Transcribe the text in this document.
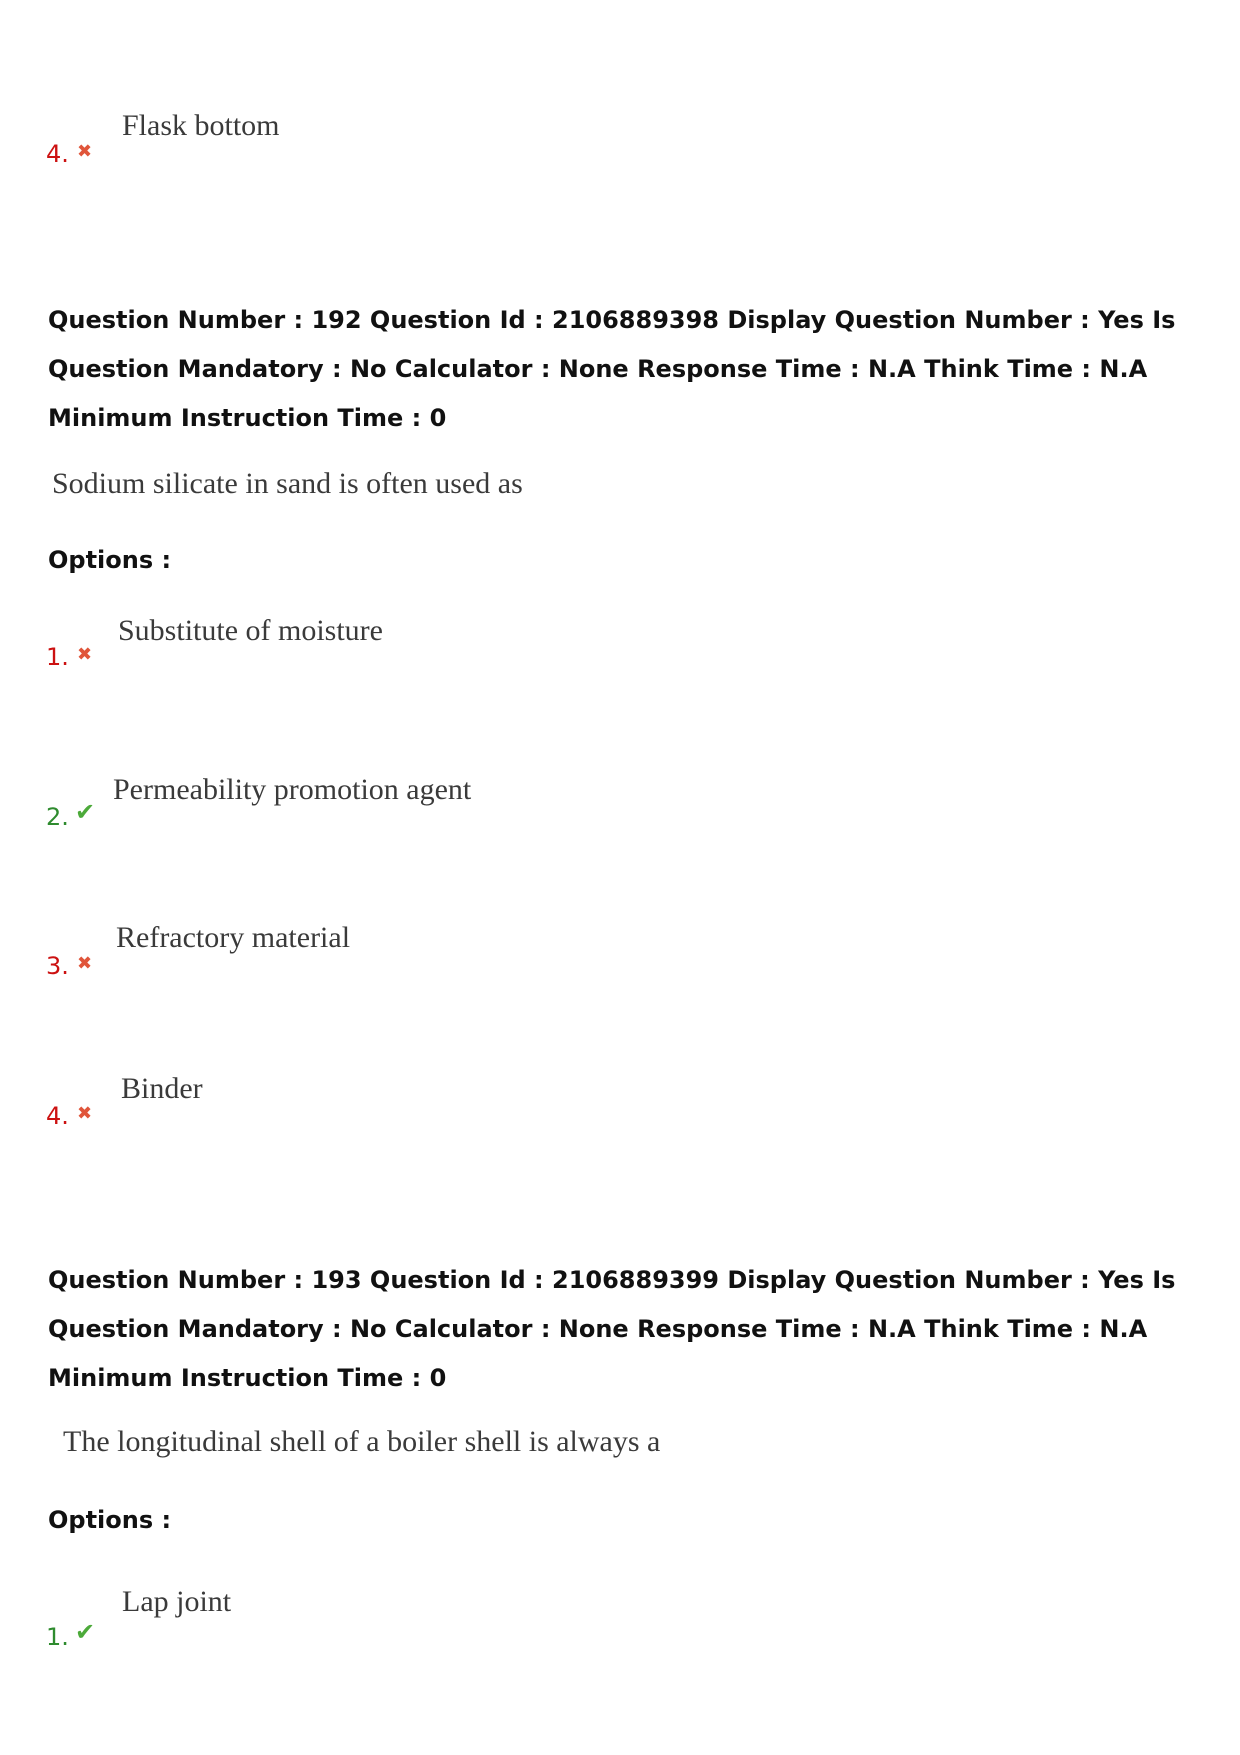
4. ✖
Flask bottom

Question Number : 192 Question Id : 2106889398 Display Question Number : Yes Is Question Mandatory : No Calculator : None Response Time : N.A Think Time : N.A Minimum Instruction Time : 0

Sodium silicate in sand is often used as
Options :
1. ✖
Substitute of moisture
2. ✔
Permeability promotion agent
3. ✖
Refractory material
4. ✖
Binder

Question Number : 193 Question Id : 2106889399 Display Question Number : Yes Is Question Mandatory : No Calculator : None Response Time : N.A Think Time : N.A Minimum Instruction Time : 0

The longitudinal shell of a boiler shell is always a
Options :
1. ✔
Lap joint
